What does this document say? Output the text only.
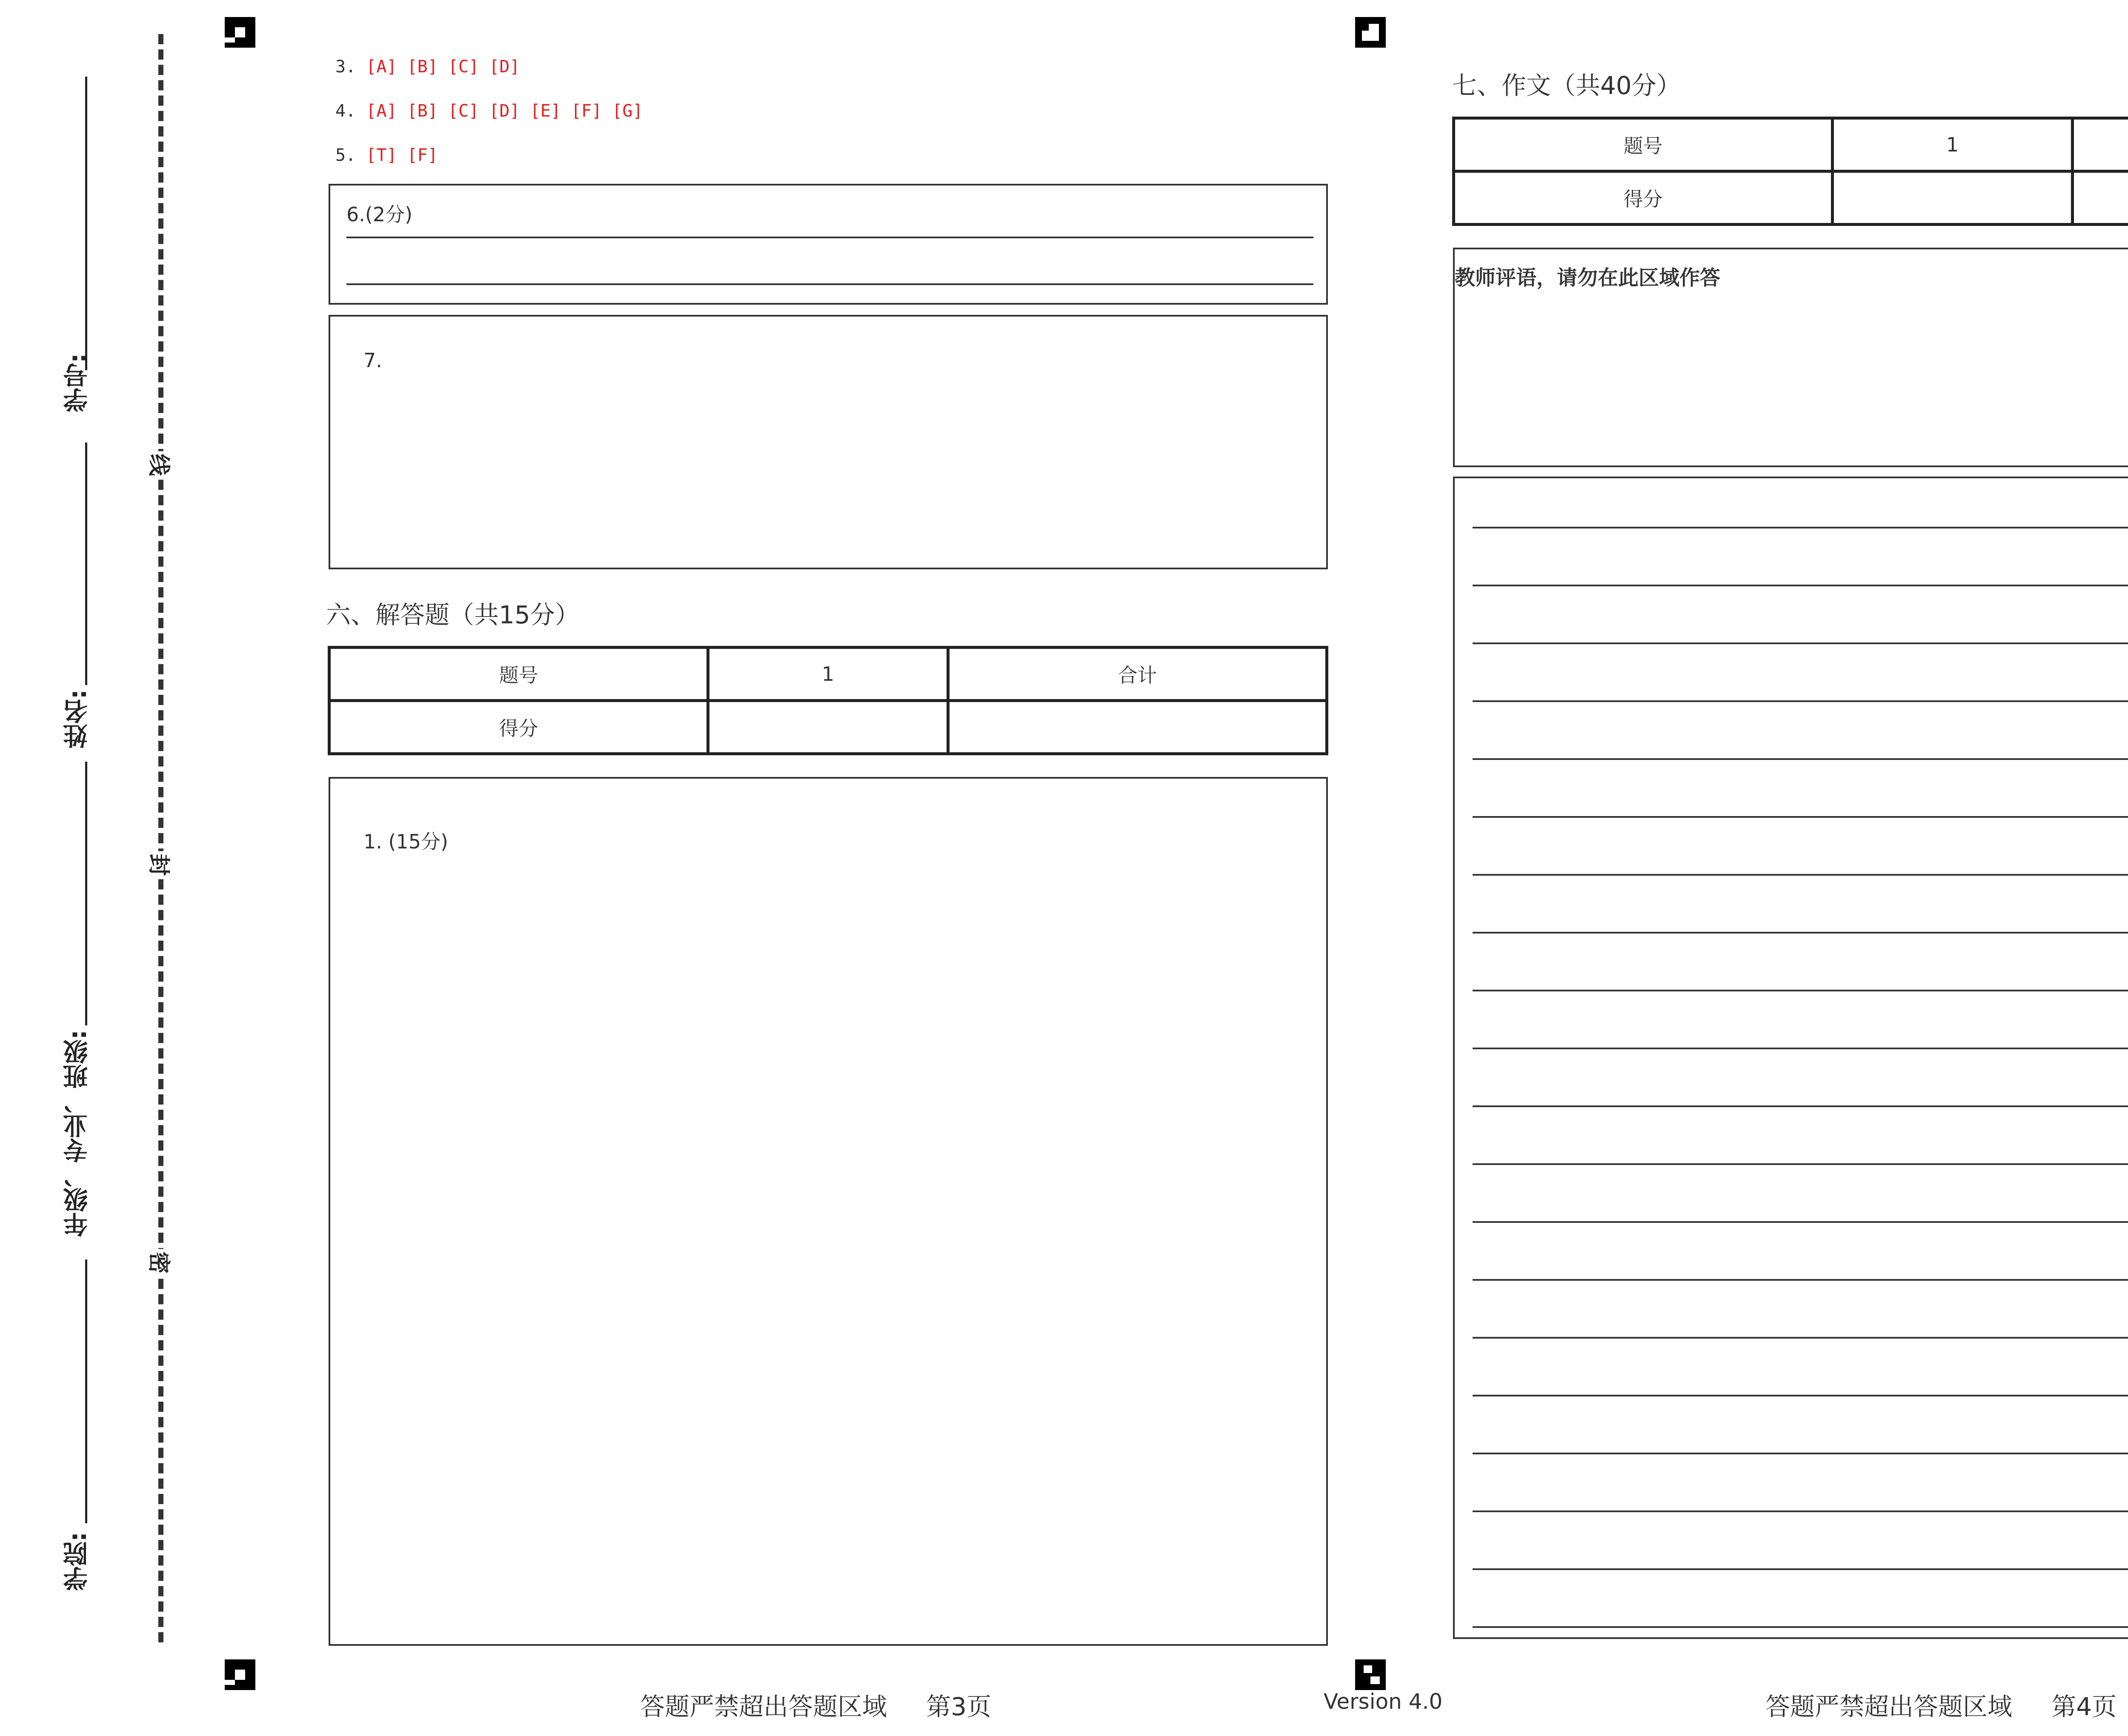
学号:
姓名:
年级、专业、班级:
学院:
线
封
密
3. [A] [B] [C] [D]
4. [A] [B] [C] [D] [E] [F] [G]
5. [T] [F]
6.(2分)
7.
六、解答题（共15分）
题号	1	合计
得分		
1. (15分)
答题严禁超出答题区域     第3页	Version 4.0
七、作文（共40分）
题号	1	
得分		
教师评语，请勿在此区域作答
答题严禁超出答题区域     第4页
